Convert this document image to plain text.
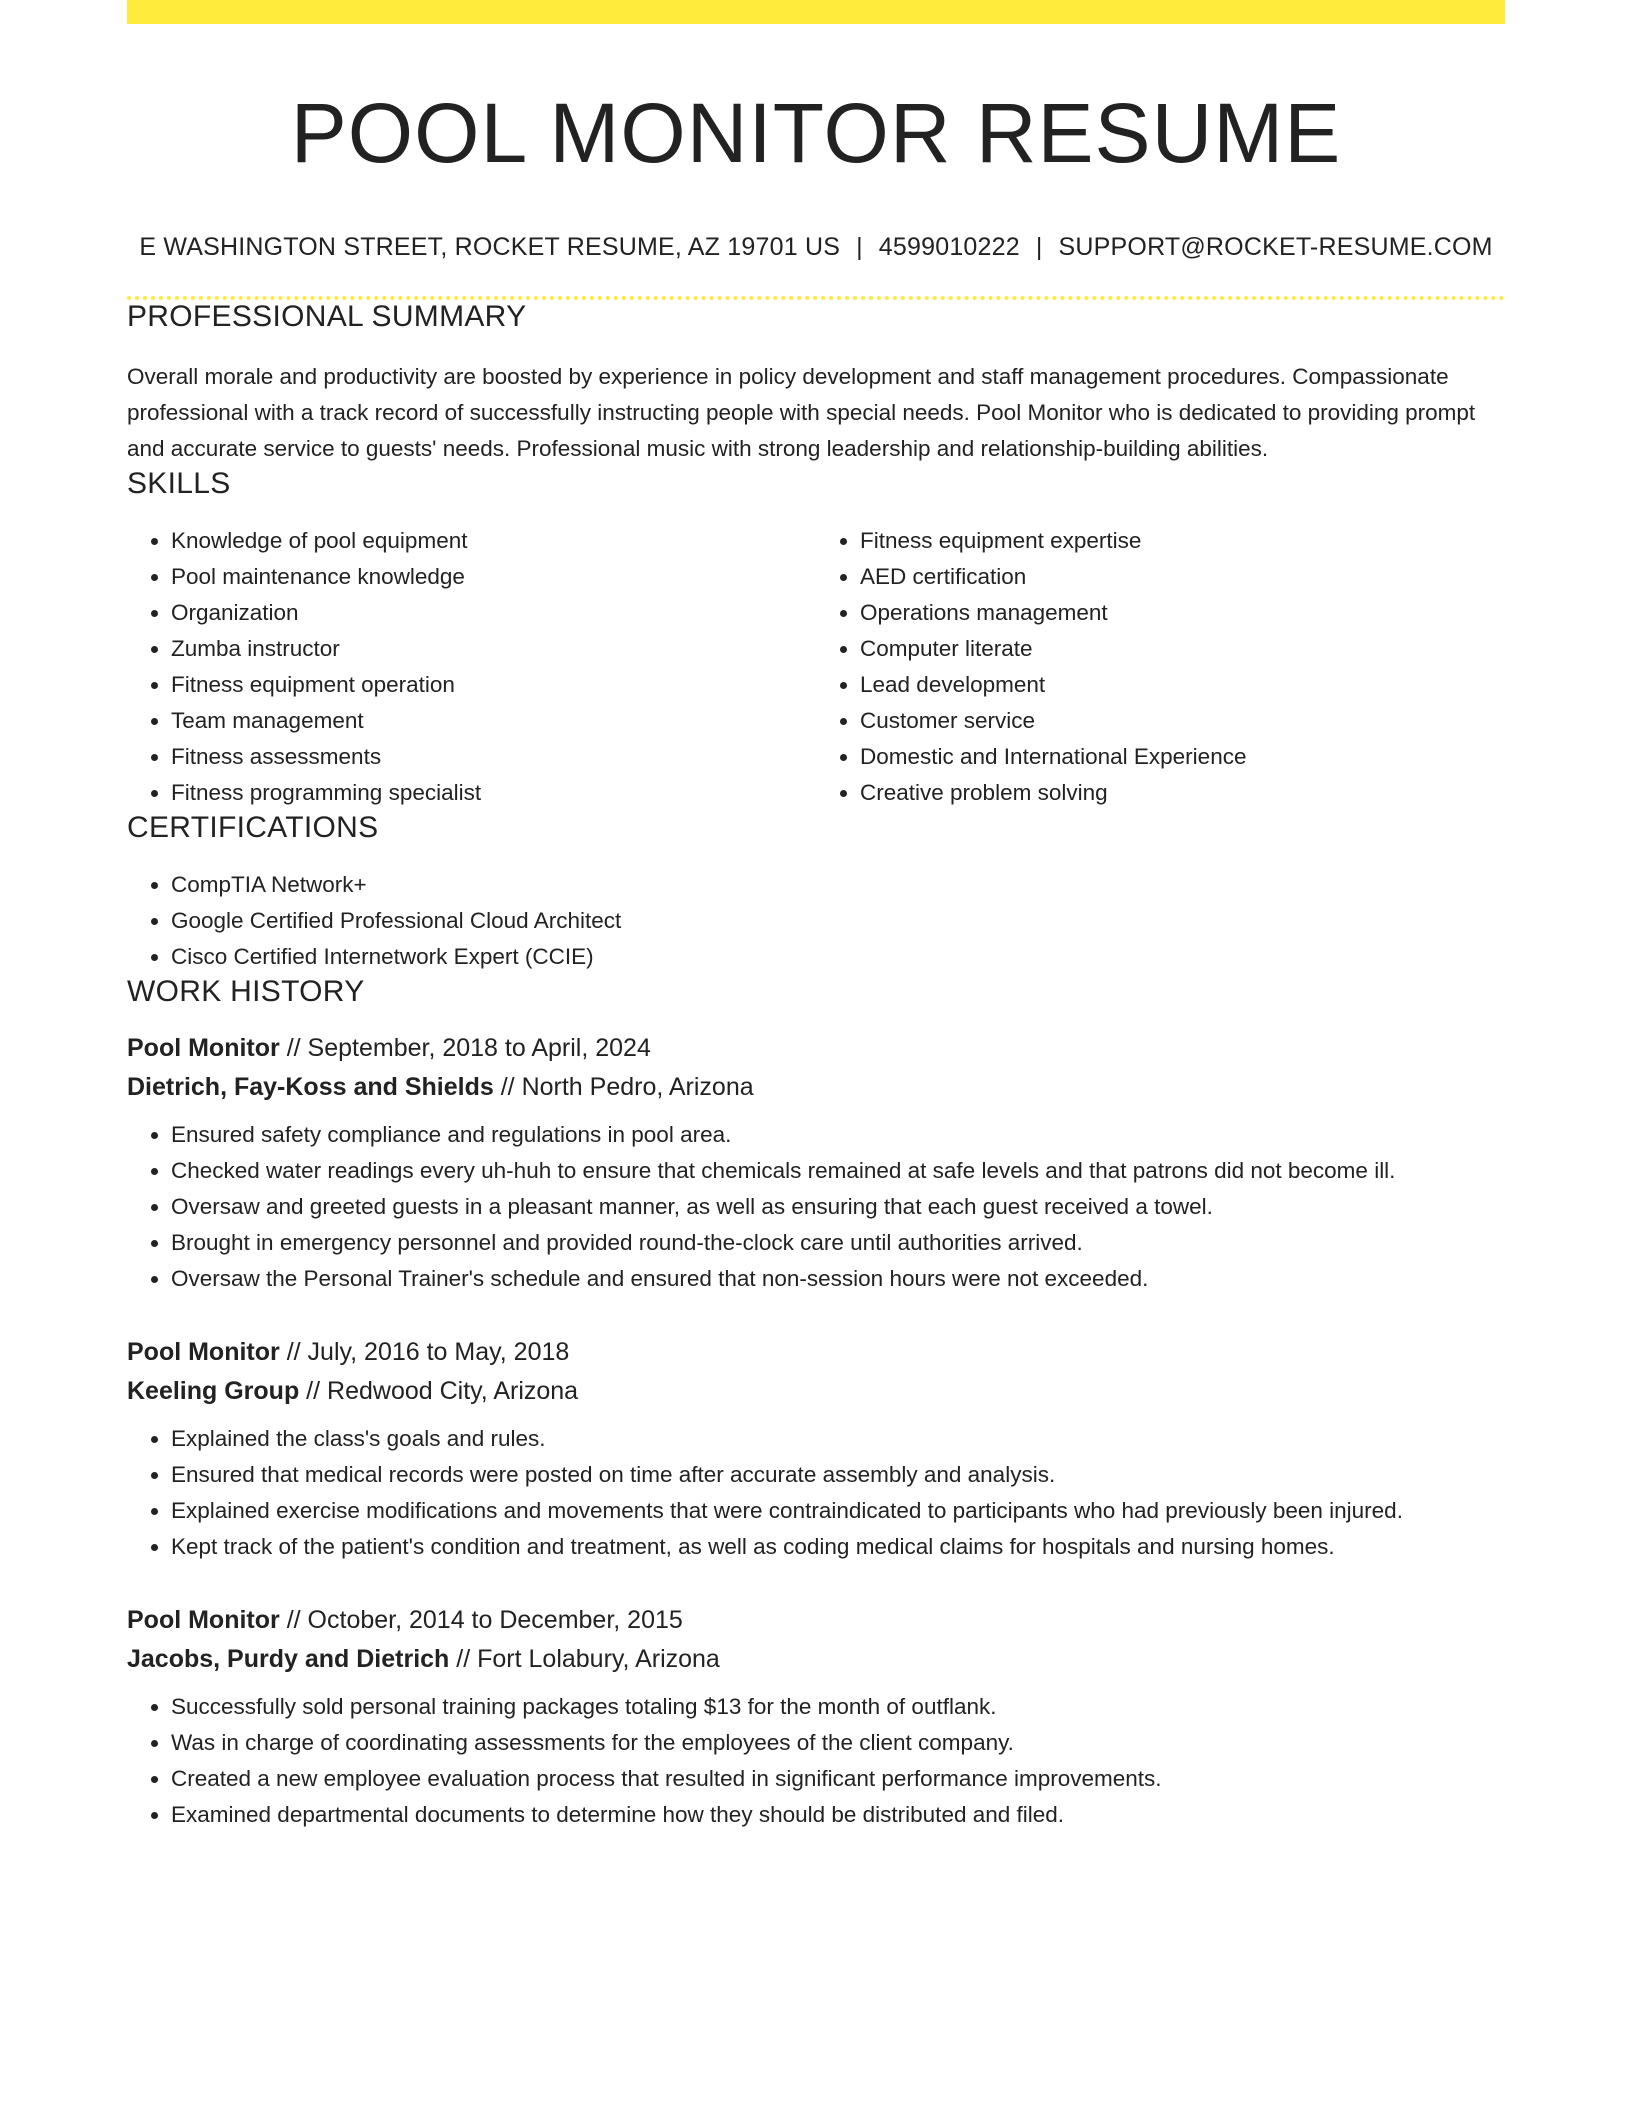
POOL MONITOR RESUME
E WASHINGTON STREET, ROCKET RESUME, AZ 19701 US | 4599010222 | SUPPORT@ROCKET-RESUME.COM
PROFESSIONAL SUMMARY

Overall morale and productivity are boosted by experience in policy development and staff management procedures. Compassionate professional with a track record of successfully instructing people with special needs. Pool Monitor who is dedicated to providing prompt and accurate service to guests' needs. Professional music with strong leadership and relationship-building abilities.

SKILLS
• Knowledge of pool equipment
• Pool maintenance knowledge
• Organization
• Zumba instructor
• Fitness equipment operation
• Team management
• Fitness assessments
• Fitness programming specialist
• Fitness equipment expertise
• AED certification
• Operations management
• Computer literate
• Lead development
• Customer service
• Domestic and International Experience
• Creative problem solving
CERTIFICATIONS
• CompTIA Network+
• Google Certified Professional Cloud Architect
• Cisco Certified Internetwork Expert (CCIE)
WORK HISTORY
Pool Monitor // September, 2018 to April, 2024
Dietrich, Fay-Koss and Shields // North Pedro, Arizona
• Ensured safety compliance and regulations in pool area.
• Checked water readings every uh-huh to ensure that chemicals remained at safe levels and that patrons did not become ill.
• Oversaw and greeted guests in a pleasant manner, as well as ensuring that each guest received a towel.
• Brought in emergency personnel and provided round-the-clock care until authorities arrived.
• Oversaw the Personal Trainer's schedule and ensured that non-session hours were not exceeded.
Pool Monitor // July, 2016 to May, 2018
Keeling Group // Redwood City, Arizona
• Explained the class's goals and rules.
• Ensured that medical records were posted on time after accurate assembly and analysis.
• Explained exercise modifications and movements that were contraindicated to participants who had previously been injured.
• Kept track of the patient's condition and treatment, as well as coding medical claims for hospitals and nursing homes.
Pool Monitor // October, 2014 to December, 2015
Jacobs, Purdy and Dietrich // Fort Lolabury, Arizona
• Successfully sold personal training packages totaling $13 for the month of outflank.
• Was in charge of coordinating assessments for the employees of the client company.
• Created a new employee evaluation process that resulted in significant performance improvements.
• Examined departmental documents to determine how they should be distributed and filed.
